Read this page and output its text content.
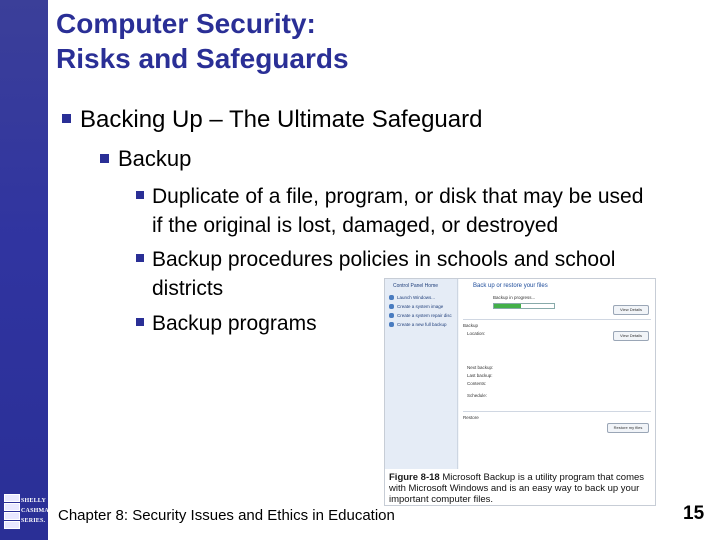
SHELLY
CASHMAN
SERIES.
Computer Security:
Risks and Safeguards
Backing Up – The Ultimate Safeguard
Backup
Duplicate of a file, program, or disk that may be used
if the original is lost, damaged, or destroyed
Backup procedures policies in schools and school
districts
Backup programs
Control Panel Home
Launch Windows...
Create a system image
Create a system repair disc
Create a new full backup
Back up or restore your files
Backup in progress...
View Details
Backup
Location:	View Details
Next backup:
Last backup:
Contents:
Schedule:
Restore
Restore my files
Figure 8-18 Microsoft Backup is a utility program that comes with Microsoft Windows and is an easy way to back up your important computer files.
Chapter 8: Security Issues and Ethics in Education	15
